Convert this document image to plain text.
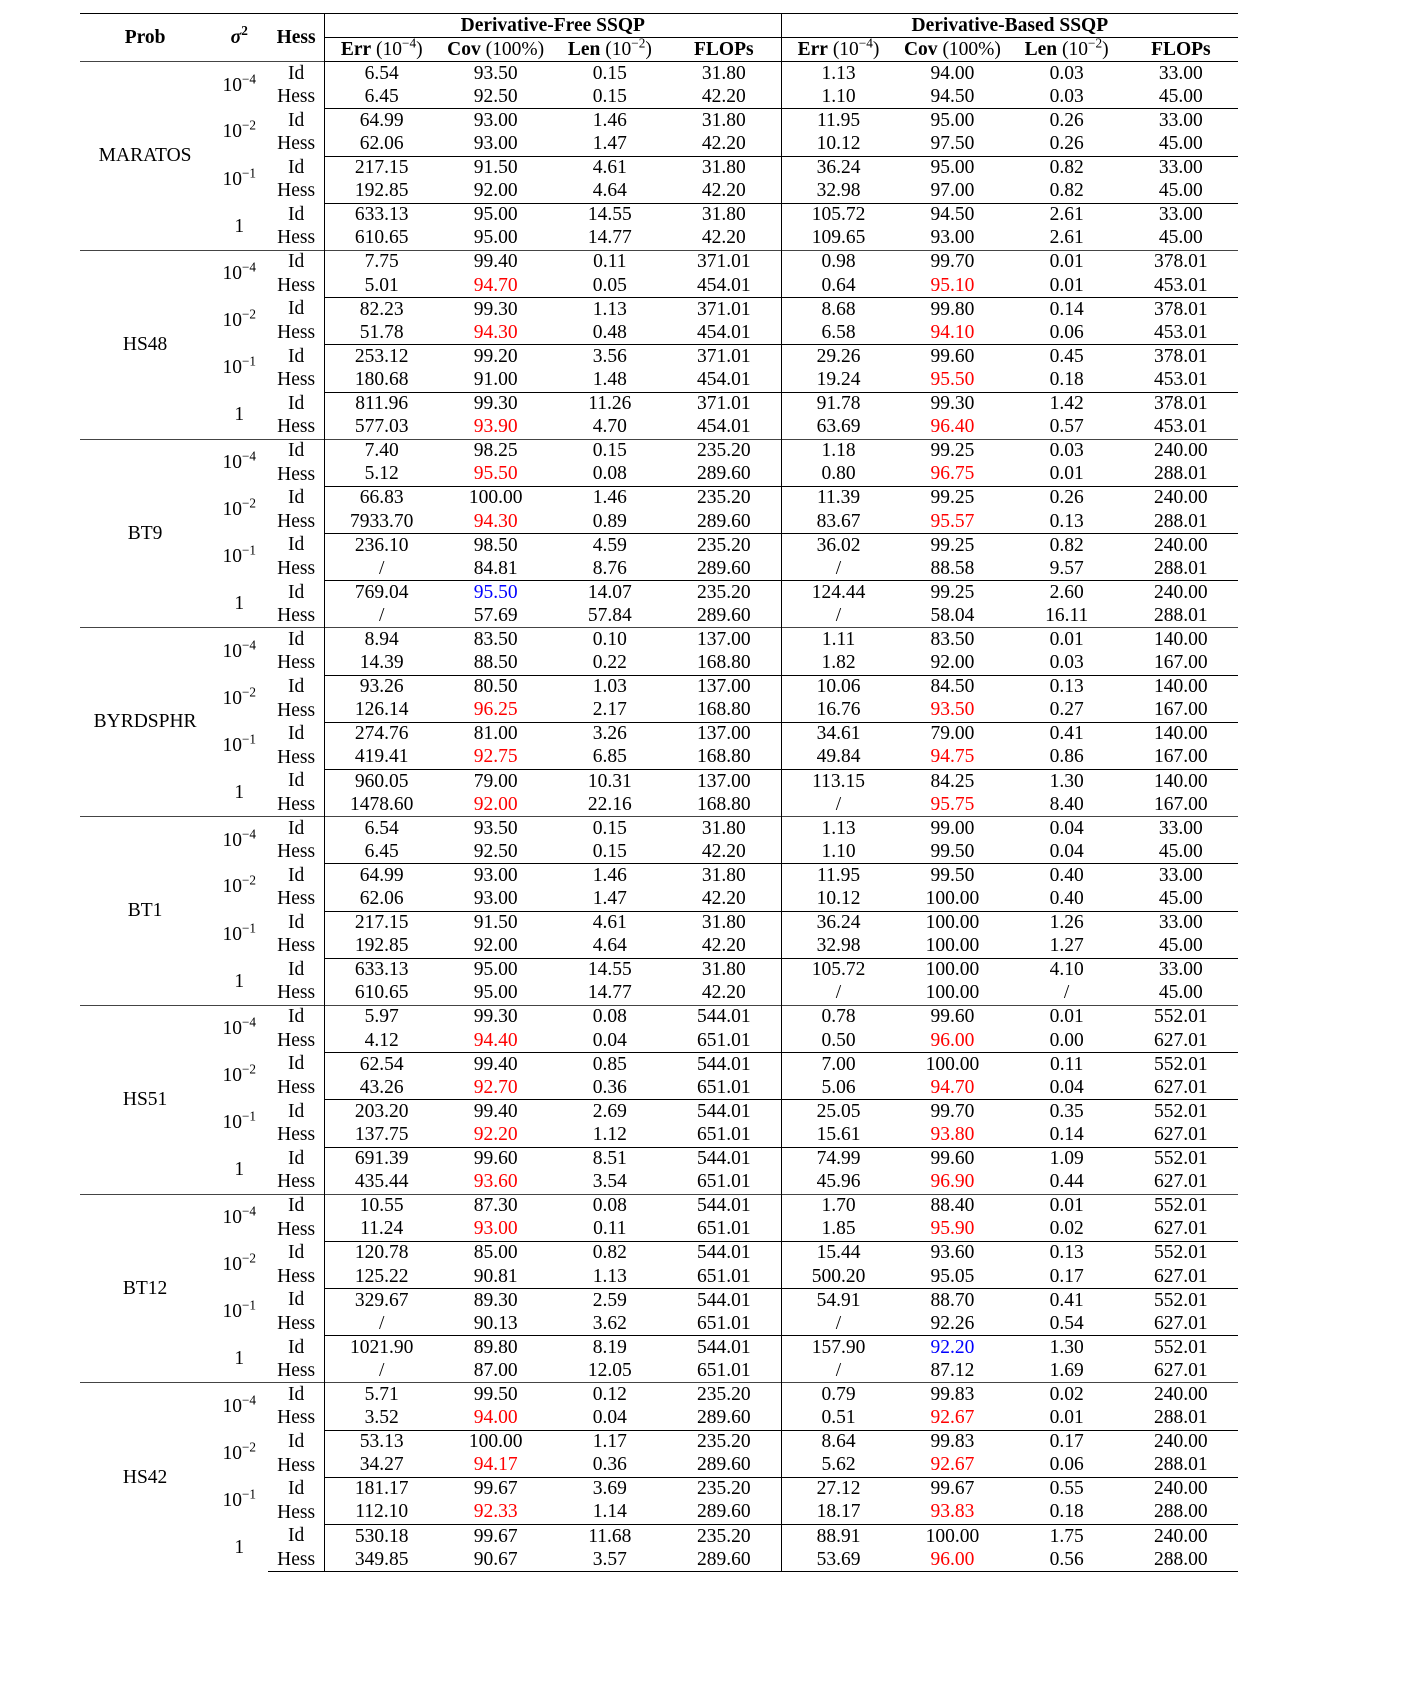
Prob	$\sigma^2$	Hess	Derivative-Free SSQP				Derivative-Based SSQP			
			Err $(10^{-4})$	Cov (100%)	Len $(10^{-2})$	FLOPs	Err $(10^{-4})$	Cov (100%)	Len $(10^{-2})$	FLOPs
MARATOS	$10^{-4}$	Id	6.54	93.50	0.15	31.80	1.13	94.00	0.03	33.00
		Hess	6.45	92.50	0.15	42.20	1.10	94.50	0.03	45.00
	$10^{-2}$	Id	64.99	93.00	1.46	31.80	11.95	95.00	0.26	33.00
		Hess	62.06	93.00	1.47	42.20	10.12	97.50	0.26	45.00
	$10^{-1}$	Id	217.15	91.50	4.61	31.80	36.24	95.00	0.82	33.00
		Hess	192.85	92.00	4.64	42.20	32.98	97.00	0.82	45.00
	1	Id	633.13	95.00	14.55	31.80	105.72	94.50	2.61	33.00
		Hess	610.65	95.00	14.77	42.20	109.65	93.00	2.61	45.00
HS48	$10^{-4}$	Id	7.75	99.40	0.11	371.01	0.98	99.70	0.01	378.01
		Hess	5.01	94.70	0.05	454.01	0.64	95.10	0.01	453.01
	$10^{-2}$	Id	82.23	99.30	1.13	371.01	8.68	99.80	0.14	378.01
		Hess	51.78	94.30	0.48	454.01	6.58	94.10	0.06	453.01
	$10^{-1}$	Id	253.12	99.20	3.56	371.01	29.26	99.60	0.45	378.01
		Hess	180.68	91.00	1.48	454.01	19.24	95.50	0.18	453.01
	1	Id	811.96	99.30	11.26	371.01	91.78	99.30	1.42	378.01
		Hess	577.03	93.90	4.70	454.01	63.69	96.40	0.57	453.01
BT9	$10^{-4}$	Id	7.40	98.25	0.15	235.20	1.18	99.25	0.03	240.00
		Hess	5.12	95.50	0.08	289.60	0.80	96.75	0.01	288.01
	$10^{-2}$	Id	66.83	100.00	1.46	235.20	11.39	99.25	0.26	240.00
		Hess	7933.70	94.30	0.89	289.60	83.67	95.57	0.13	288.01
	$10^{-1}$	Id	236.10	98.50	4.59	235.20	36.02	99.25	0.82	240.00
		Hess	/	84.81	8.76	289.60	/	88.58	9.57	288.01
	1	Id	769.04	95.50	14.07	235.20	124.44	99.25	2.60	240.00
		Hess	/	57.69	57.84	289.60	/	58.04	16.11	288.01
BYRDSPHR	$10^{-4}$	Id	8.94	83.50	0.10	137.00	1.11	83.50	0.01	140.00
		Hess	14.39	88.50	0.22	168.80	1.82	92.00	0.03	167.00
	$10^{-2}$	Id	93.26	80.50	1.03	137.00	10.06	84.50	0.13	140.00
		Hess	126.14	96.25	2.17	168.80	16.76	93.50	0.27	167.00
	$10^{-1}$	Id	274.76	81.00	3.26	137.00	34.61	79.00	0.41	140.00
		Hess	419.41	92.75	6.85	168.80	49.84	94.75	0.86	167.00
	1	Id	960.05	79.00	10.31	137.00	113.15	84.25	1.30	140.00
		Hess	1478.60	92.00	22.16	168.80	/	95.75	8.40	167.00
BT1	$10^{-4}$	Id	6.54	93.50	0.15	31.80	1.13	99.00	0.04	33.00
		Hess	6.45	92.50	0.15	42.20	1.10	99.50	0.04	45.00
	$10^{-2}$	Id	64.99	93.00	1.46	31.80	11.95	99.50	0.40	33.00
		Hess	62.06	93.00	1.47	42.20	10.12	100.00	0.40	45.00
	$10^{-1}$	Id	217.15	91.50	4.61	31.80	36.24	100.00	1.26	33.00
		Hess	192.85	92.00	4.64	42.20	32.98	100.00	1.27	45.00
	1	Id	633.13	95.00	14.55	31.80	105.72	100.00	4.10	33.00
		Hess	610.65	95.00	14.77	42.20	/	100.00	/	45.00
HS51	$10^{-4}$	Id	5.97	99.30	0.08	544.01	0.78	99.60	0.01	552.01
		Hess	4.12	94.40	0.04	651.01	0.50	96.00	0.00	627.01
	$10^{-2}$	Id	62.54	99.40	0.85	544.01	7.00	100.00	0.11	552.01
		Hess	43.26	92.70	0.36	651.01	5.06	94.70	0.04	627.01
	$10^{-1}$	Id	203.20	99.40	2.69	544.01	25.05	99.70	0.35	552.01
		Hess	137.75	92.20	1.12	651.01	15.61	93.80	0.14	627.01
	1	Id	691.39	99.60	8.51	544.01	74.99	99.60	1.09	552.01
		Hess	435.44	93.60	3.54	651.01	45.96	96.90	0.44	627.01
BT12	$10^{-4}$	Id	10.55	87.30	0.08	544.01	1.70	88.40	0.01	552.01
		Hess	11.24	93.00	0.11	651.01	1.85	95.90	0.02	627.01
	$10^{-2}$	Id	120.78	85.00	0.82	544.01	15.44	93.60	0.13	552.01
		Hess	125.22	90.81	1.13	651.01	500.20	95.05	0.17	627.01
	$10^{-1}$	Id	329.67	89.30	2.59	544.01	54.91	88.70	0.41	552.01
		Hess	/	90.13	3.62	651.01	/	92.26	0.54	627.01
	1	Id	1021.90	89.80	8.19	544.01	157.90	92.20	1.30	552.01
		Hess	/	87.00	12.05	651.01	/	87.12	1.69	627.01
HS42	$10^{-4}$	Id	5.71	99.50	0.12	235.20	0.79	99.83	0.02	240.00
		Hess	3.52	94.00	0.04	289.60	0.51	92.67	0.01	288.01
	$10^{-2}$	Id	53.13	100.00	1.17	235.20	8.64	99.83	0.17	240.00
		Hess	34.27	94.17	0.36	289.60	5.62	92.67	0.06	288.01
	$10^{-1}$	Id	181.17	99.67	3.69	235.20	27.12	99.67	0.55	240.00
		Hess	112.10	92.33	1.14	289.60	18.17	93.83	0.18	288.00
	1	Id	530.18	99.67	11.68	235.20	88.91	100.00	1.75	240.00
		Hess	349.85	90.67	3.57	289.60	53.69	96.00	0.56	288.00
